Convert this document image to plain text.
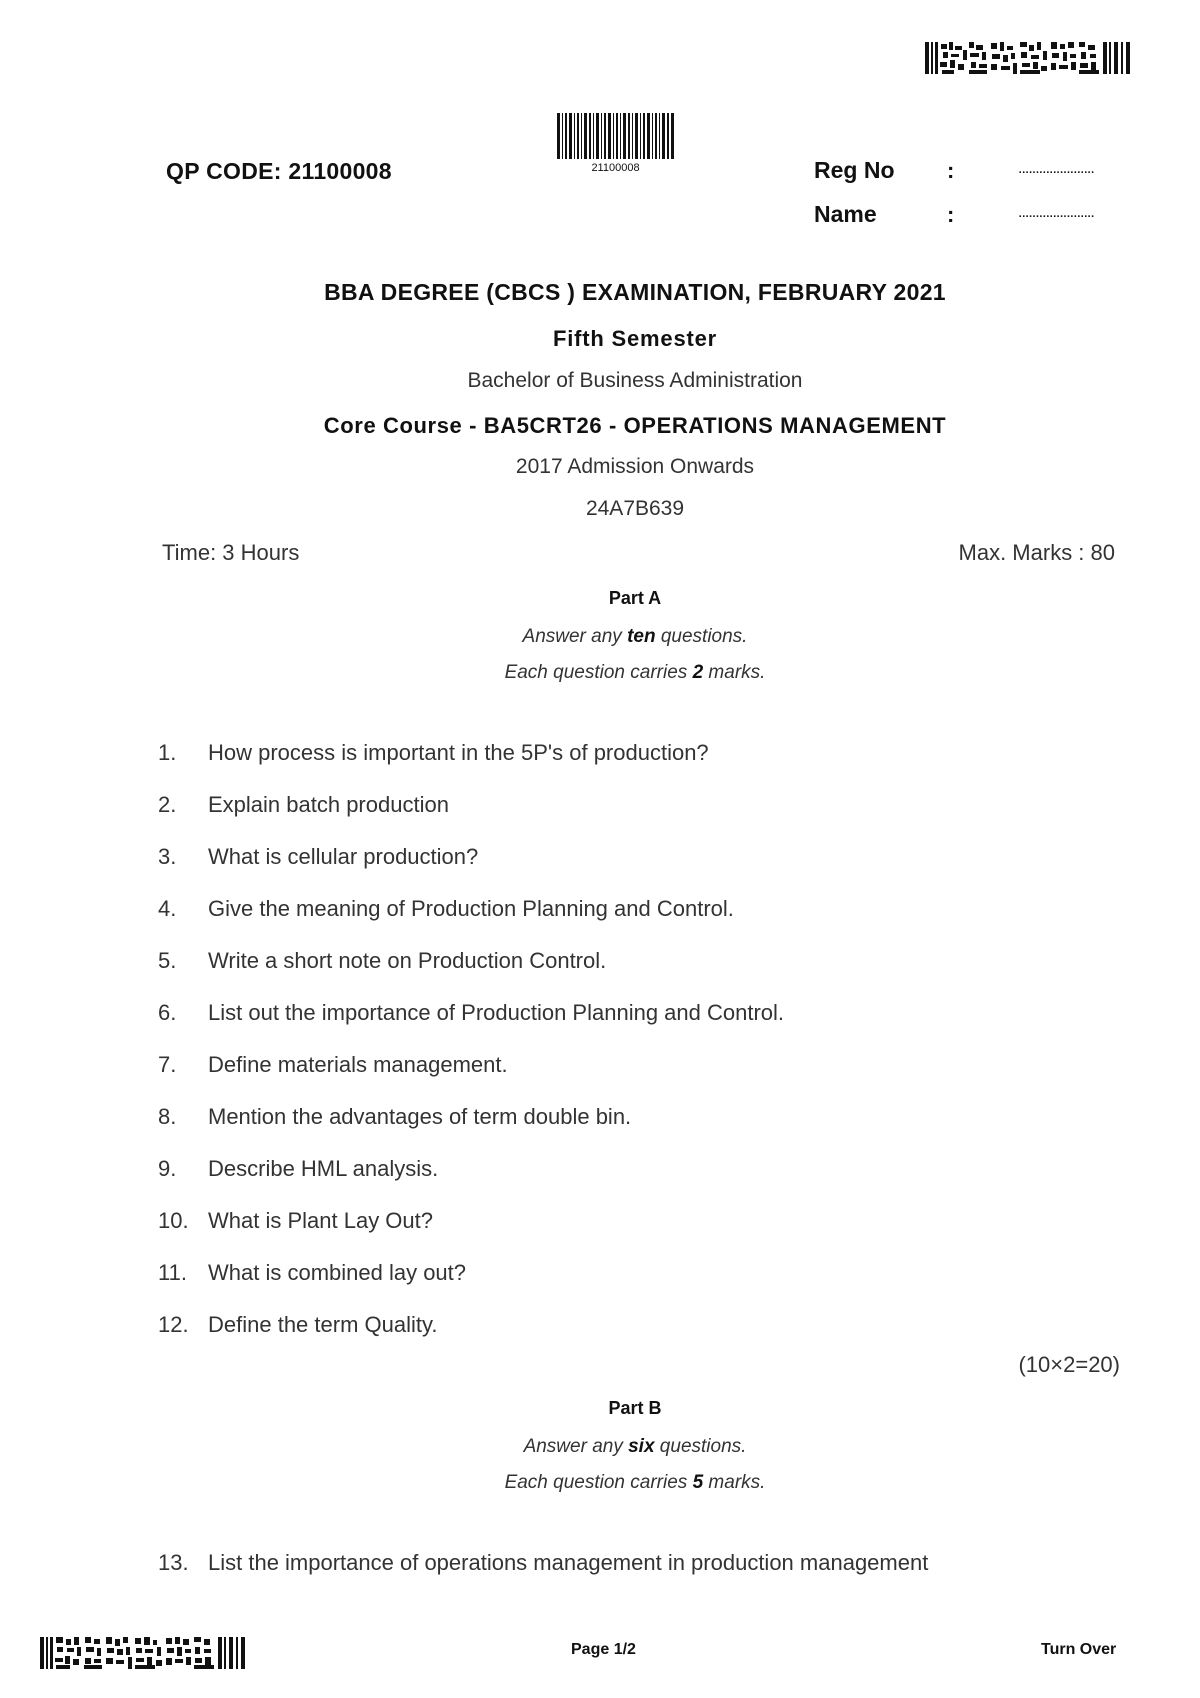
21100008
QP CODE: 21100008	Reg No :	......................
Name	:	......................
BBA DEGREE (CBCS ) EXAMINATION, FEBRUARY 2021
Fifth Semester
Bachelor of Business Administration
Core Course - BA5CRT26 - OPERATIONS MANAGEMENT
2017 Admission Onwards
24A7B639
Time: 3 Hours	Max. Marks : 80
Part A
Answer any ten questions.
Each question carries 2 marks.
1. How process is important in the 5P's of production?
2. Explain batch production
3. What is cellular production?
4. Give the meaning of Production Planning and Control.
5. Write a short note on Production Control.
6. List out the importance of Production Planning and Control.
7. Define materials management.
8. Mention the advantages of term double bin.
9. Describe HML analysis.
10. What is Plant Lay Out?
11. What is combined lay out?
12. Define the term Quality.
(10×2=20)
Part B
Answer any six questions.
Each question carries 5 marks.
13. List the importance of operations management in production management
Page 1/2	Turn Over
